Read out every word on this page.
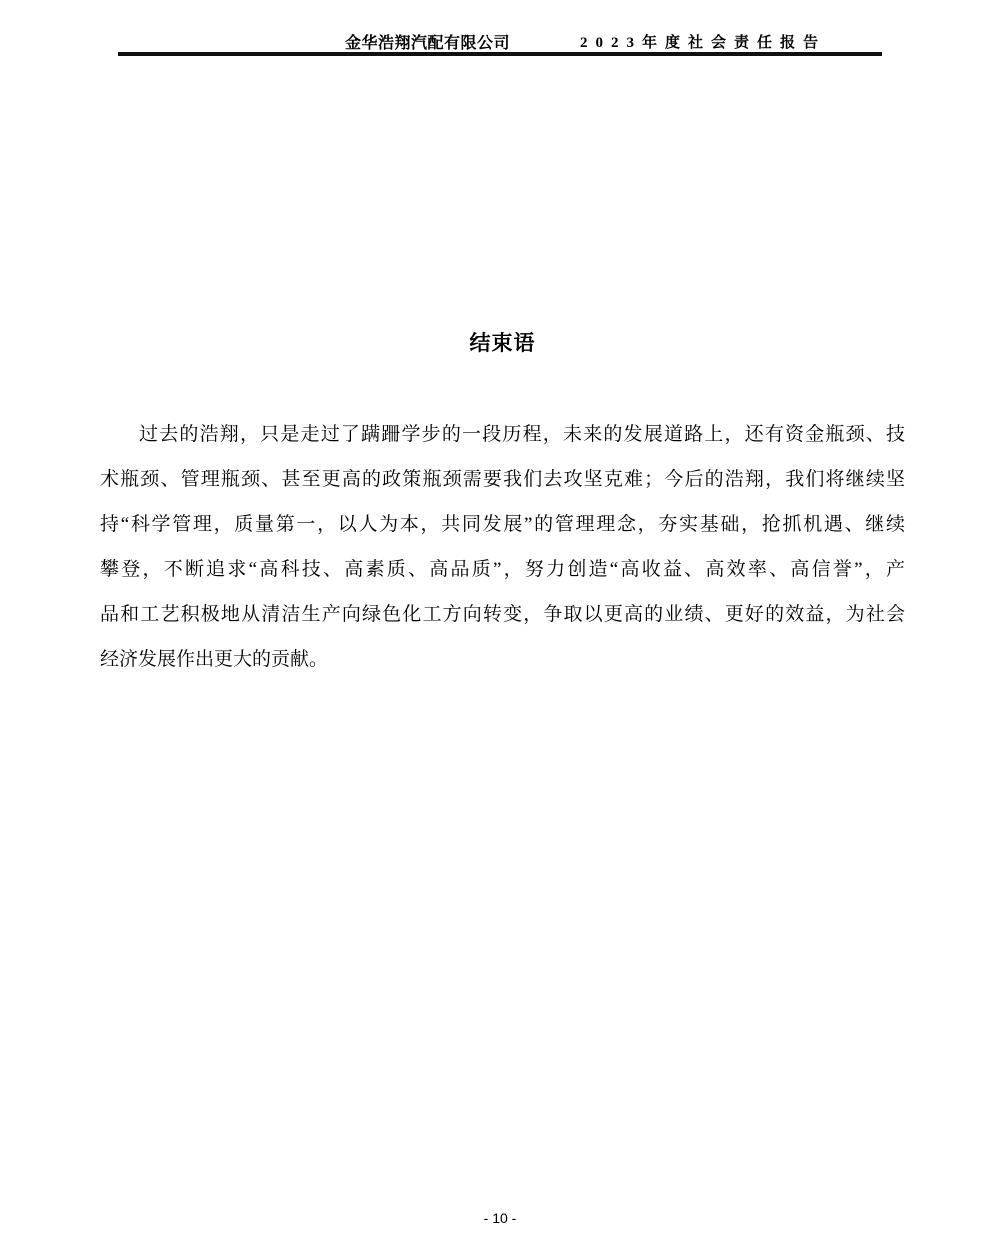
金华浩翔汽配有限公司	2023年度社会责任报告
结束语
过去的浩翔，只是走过了蹒跚学步的一段历程，未来的发展道路上，还有资金瓶颈、技
术瓶颈、管理瓶颈、甚至更高的政策瓶颈需要我们去攻坚克难；今后的浩翔，我们将继续坚
持“科学管理，质量第一，以人为本，共同发展”的管理理念，夯实基础，抢抓机遇、继续
攀登，不断追求“高科技、高素质、高品质”，努力创造“高收益、高效率、高信誉”，产
品和工艺积极地从清洁生产向绿色化工方向转变，争取以更高的业绩、更好的效益，为社会
经济发展作出更大的贡献。
- 10 -
